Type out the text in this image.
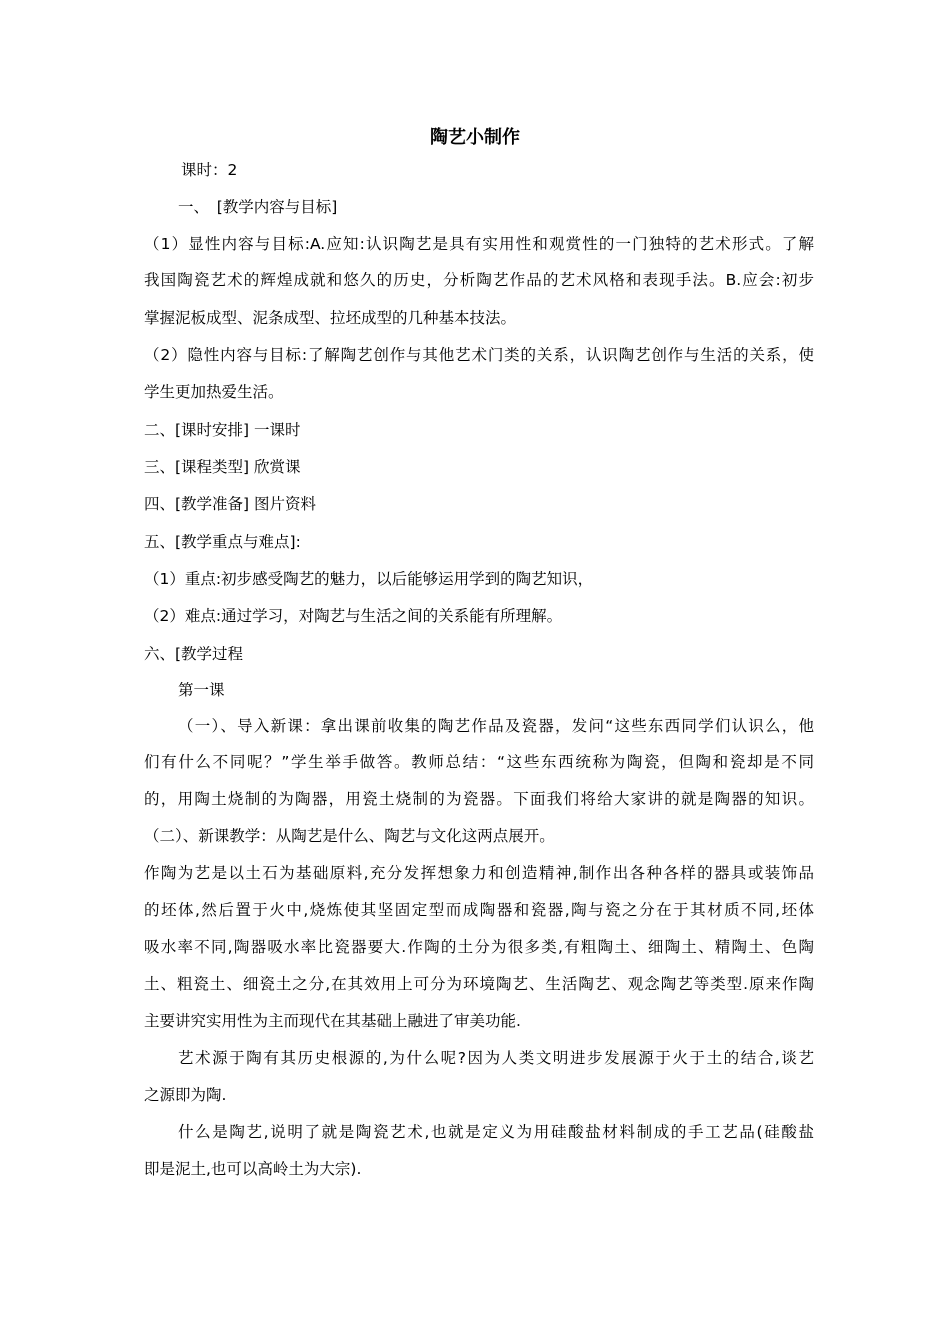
陶艺小制作
课时：2
一、　[教学内容与目标]
（1）显性内容与目标:A.应知:认识陶艺是具有实用性和观赏性的一门独特的艺术形式。了解
我国陶瓷艺术的辉煌成就和悠久的历史，分析陶艺作品的艺术风格和表现手法。B.应会:初步
掌握泥板成型、泥条成型、拉坯成型的几种基本技法。
（2）隐性内容与目标:了解陶艺创作与其他艺术门类的关系，认识陶艺创作与生活的关系，使
学生更加热爱生活。
二、[课时安排] 一课时
三、[课程类型] 欣赏课
四、[教学准备] 图片资料
五、[教学重点与难点]:
（1）重点:初步感受陶艺的魅力，以后能够运用学到的陶艺知识，
（2）难点:通过学习，对陶艺与生活之间的关系能有所理解。
六、[教学过程
第一课
（一）、导入新课：拿出课前收集的陶艺作品及瓷器，发问“这些东西同学们认识么，他
们有什么不同呢？”学生举手做答。教师总结：“这些东西统称为陶瓷，但陶和瓷却是不同
的，用陶土烧制的为陶器，用瓷土烧制的为瓷器。下面我们将给大家讲的就是陶器的知识。
（二）、新课教学：从陶艺是什么、陶艺与文化这两点展开。
作陶为艺是以土石为基础原料,充分发挥想象力和创造精神,制作出各种各样的器具或装饰品
的坯体,然后置于火中,烧炼使其坚固定型而成陶器和瓷器,陶与瓷之分在于其材质不同,坯体
吸水率不同,陶器吸水率比瓷器要大.作陶的土分为很多类,有粗陶土、细陶土、精陶土、色陶
土、粗瓷土、细瓷土之分,在其效用上可分为环境陶艺、生活陶艺、观念陶艺等类型.原来作陶
主要讲究实用性为主而现代在其基础上融进了审美功能.
艺术源于陶有其历史根源的,为什么呢?因为人类文明进步发展源于火于土的结合,谈艺
之源即为陶.
什么是陶艺,说明了就是陶瓷艺术,也就是定义为用硅酸盐材料制成的手工艺品(硅酸盐
即是泥土,也可以高岭土为大宗).
